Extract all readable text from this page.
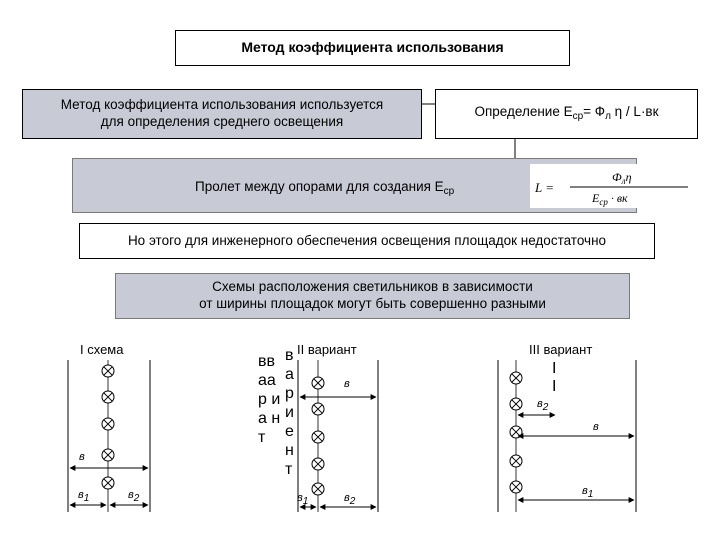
Метод коэффициента использования
Метод коэффициента использования используется
для определения среднего освещения
Определение $E_{ср}= Ф_л$ η / L·вк
Пролет между опорами для создания $E_{ср}$	L =
$Ф_л\eta$
$E_{ср}$ · вк
Но этого для инженерного обеспечения освещения площадок недостаточно
Схемы расположения светильников в зависимости
от ширины площадок могут быть совершенно разными
I схема
в
в1	в2
II вариант
вв аа р и а н т
в
а
р
и
е
н
т
в
в1	в2
III вариант
I
I
в2
в
в1
